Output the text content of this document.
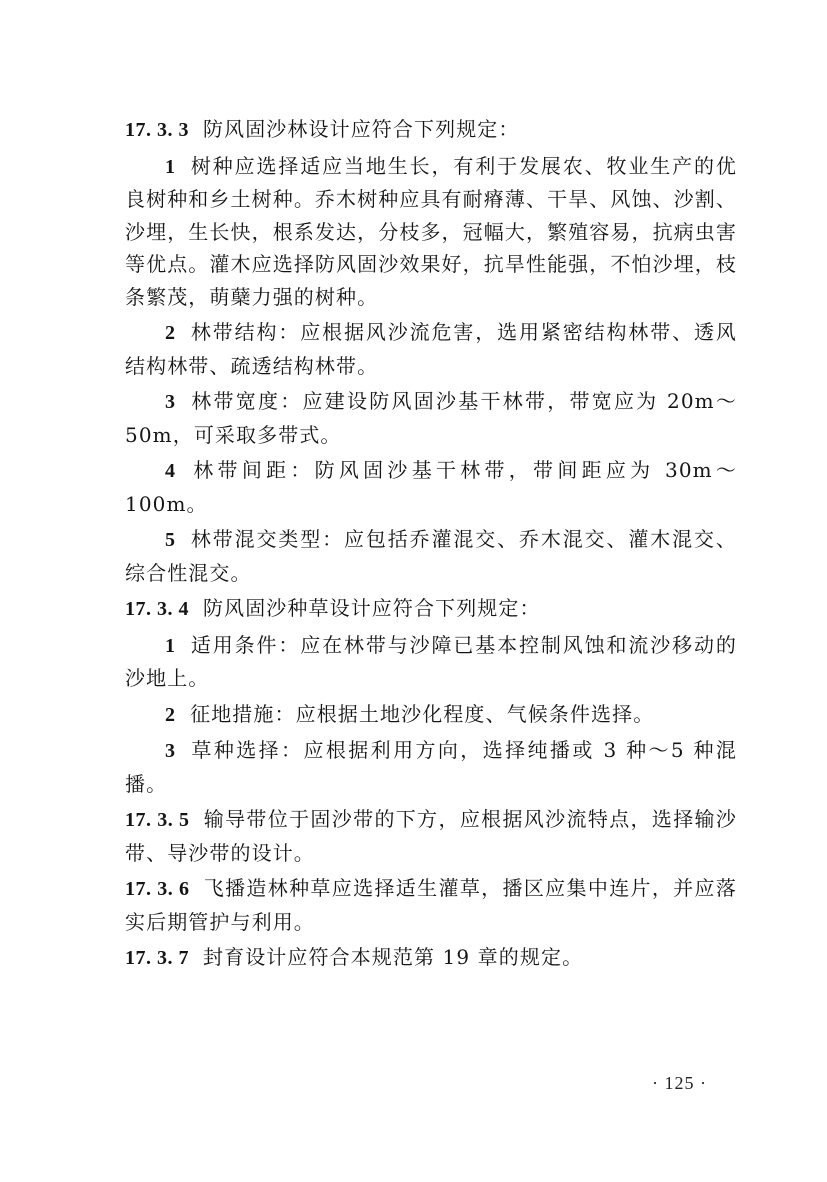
17. 3. 3 防风固沙林设计应符合下列规定：

1 树种应选择适应当地生长，有利于发展农、牧业生产的优良树种和乡土树种。乔木树种应具有耐瘠薄、干旱、风蚀、沙割、沙埋，生长快，根系发达，分枝多，冠幅大，繁殖容易，抗病虫害等优点。灌木应选择防风固沙效果好，抗旱性能强，不怕沙埋，枝条繁茂，萌蘖力强的树种。

2 林带结构：应根据风沙流危害，选用紧密结构林带、透风结构林带、疏透结构林带。

3 林带宽度：应建设防风固沙基干林带，带宽应为 20m～50m，可采取多带式。

4 林带间距：防风固沙基干林带，带间距应为 30m～100m。

5 林带混交类型：应包括乔灌混交、乔木混交、灌木混交、综合性混交。

17. 3. 4 防风固沙种草设计应符合下列规定：

1 适用条件：应在林带与沙障已基本控制风蚀和流沙移动的沙地上。

2 征地措施：应根据土地沙化程度、气候条件选择。

3 草种选择：应根据利用方向，选择纯播或 3 种～5 种混播。

17. 3. 5 输导带位于固沙带的下方，应根据风沙流特点，选择输沙带、导沙带的设计。

17. 3. 6 飞播造林种草应选择适生灌草，播区应集中连片，并应落实后期管护与利用。

17. 3. 7 封育设计应符合本规范第 19 章的规定。

· 125 ·
